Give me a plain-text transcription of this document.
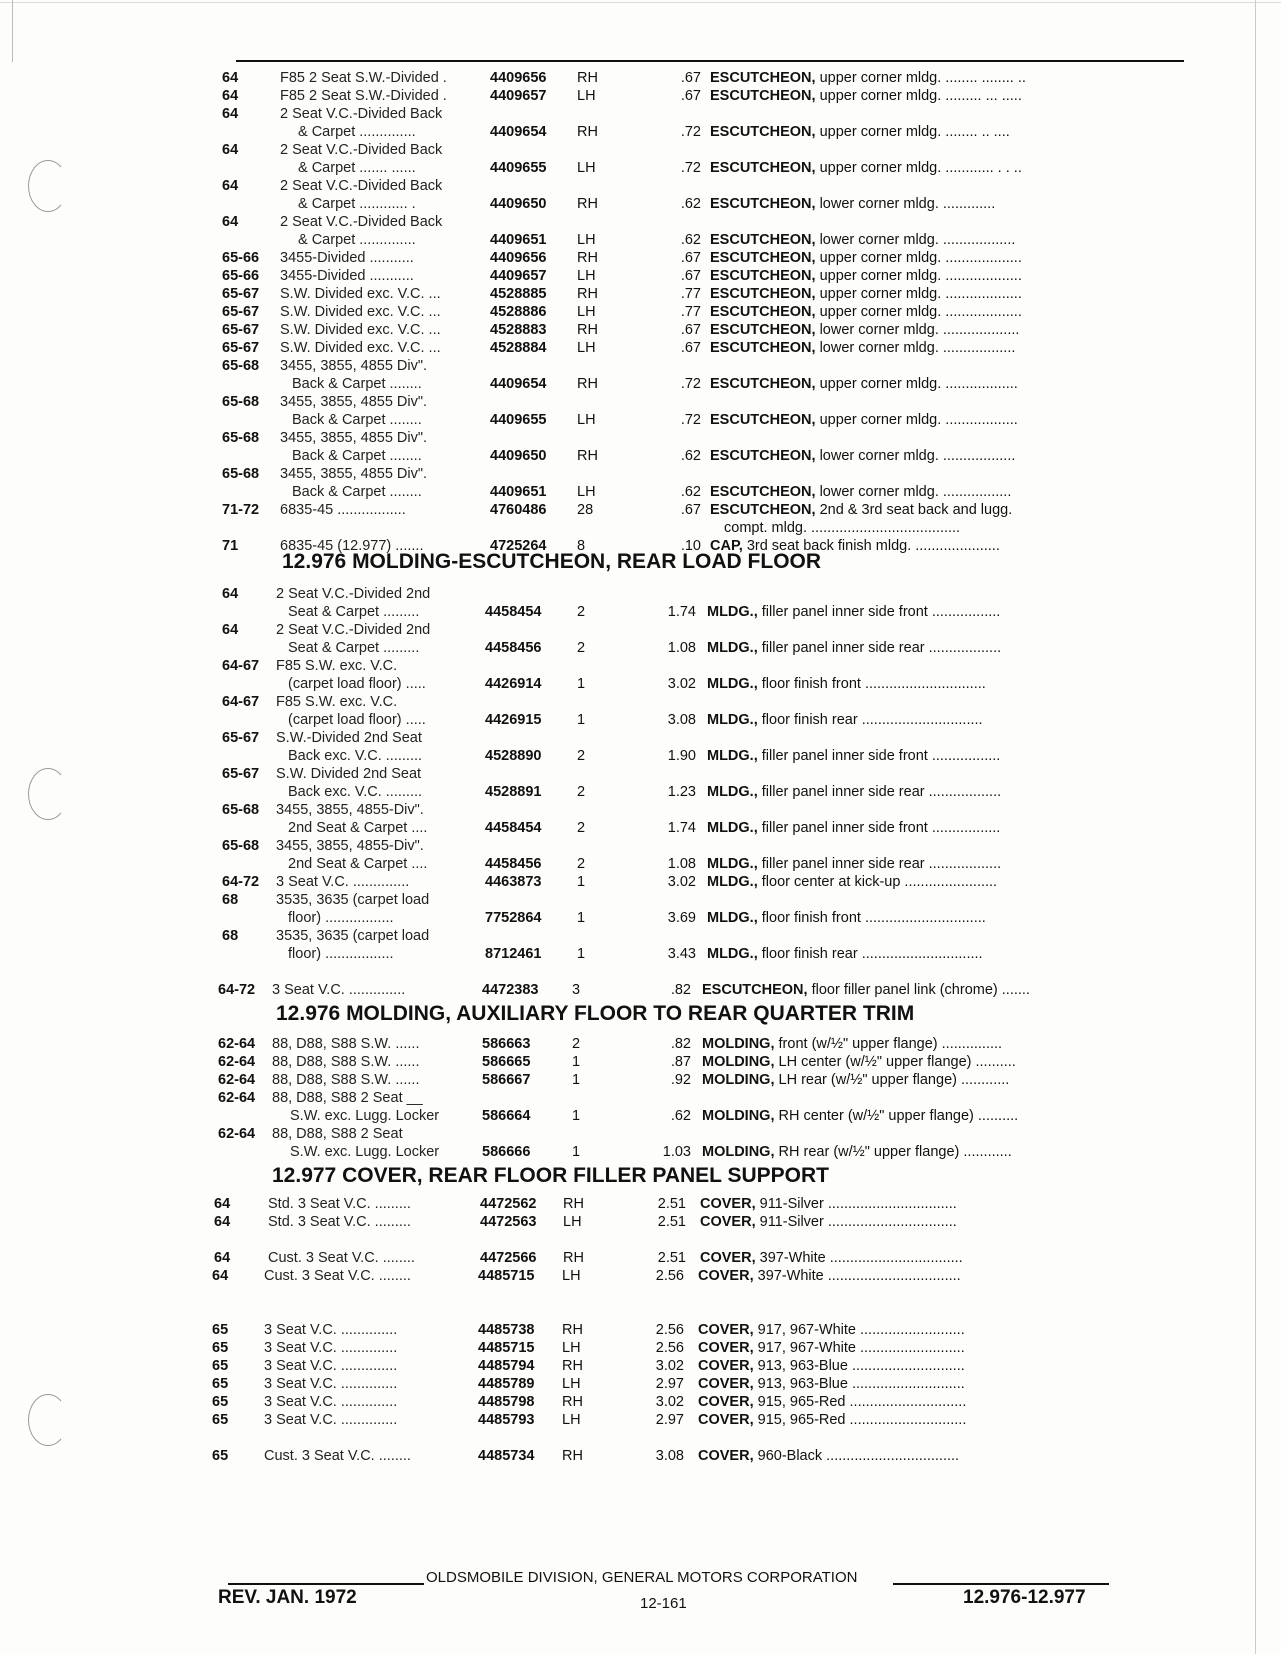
64	F85 2 Seat S.W.-Divided .	4409656	RH	.67 ESCUTCHEON, upper corner mldg. ........ ........ ..
64	F85 2 Seat S.W.-Divided .	4409657	LH	.67 ESCUTCHEON, upper corner mldg. ......... ... .....
64	2 Seat V.C.-Divided Back
& Carpet ..............	4409654	RH	.72 ESCUTCHEON, upper corner mldg. ........ .. ....
64	2 Seat V.C.-Divided Back
& Carpet ....... ......	4409655	LH	.72 ESCUTCHEON, upper corner mldg. ............ . . ..
64	2 Seat V.C.-Divided Back
& Carpet ............ .	4409650	RH	.62 ESCUTCHEON, lower corner mldg. .............
64	2 Seat V.C.-Divided Back
& Carpet ..............	4409651	LH	.62 ESCUTCHEON, lower corner mldg. ..................
65-66	3455-Divided ...........	4409656	RH	.67 ESCUTCHEON, upper corner mldg. ...................
65-66	3455-Divided ...........	4409657	LH	.67 ESCUTCHEON, upper corner mldg. ...................
65-67	S.W. Divided exc. V.C. ...	4528885	RH	.77 ESCUTCHEON, upper corner mldg. ...................
65-67	S.W. Divided exc. V.C. ...	4528886	LH	.77 ESCUTCHEON, upper corner mldg. ...................
65-67	S.W. Divided exc. V.C. ...	4528883	RH	.67 ESCUTCHEON, lower corner mldg. ...................
65-67	S.W. Divided exc. V.C. ...	4528884	LH	.67 ESCUTCHEON, lower corner mldg. ..................
65-68	3455, 3855, 4855 Div".
Back & Carpet ........	4409654	RH	.72 ESCUTCHEON, upper corner mldg. ..................
65-68	3455, 3855, 4855 Div".
Back & Carpet ........	4409655	LH	.72 ESCUTCHEON, upper corner mldg. ..................
65-68	3455, 3855, 4855 Div".
Back & Carpet ........	4409650	RH	.62 ESCUTCHEON, lower corner mldg. ..................
65-68	3455, 3855, 4855 Div".
Back & Carpet ........	4409651	LH	.62 ESCUTCHEON, lower corner mldg. .................
71-72	6835-45 .................	4760486	28	.67 ESCUTCHEON, 2nd & 3rd seat back and lugg.
compt. mldg. .....................................
71	6835-45 (12.977) .......	4725264	8	.10 CAP, 3rd seat back finish mldg. .....................
12.976 MOLDING-ESCUTCHEON, REAR LOAD FLOOR
64	2 Seat V.C.-Divided 2nd
Seat & Carpet .........	4458454	2	1.74 MLDG., filler panel inner side front .................
64	2 Seat V.C.-Divided 2nd
Seat & Carpet .........	4458456	2	1.08 MLDG., filler panel inner side rear ..................
64-67	F85 S.W. exc. V.C.
(carpet load floor) .....	4426914	1	3.02 MLDG., floor finish front ..............................
64-67	F85 S.W. exc. V.C.
(carpet load floor) .....	4426915	1	3.08 MLDG., floor finish rear ..............................
65-67	S.W.-Divided 2nd Seat
Back exc. V.C. .........	4528890	2	1.90 MLDG., filler panel inner side front .................
65-67	S.W. Divided 2nd Seat
Back exc. V.C. .........	4528891	2	1.23 MLDG., filler panel inner side rear ..................
65-68	3455, 3855, 4855-Div".
2nd Seat & Carpet ....	4458454	2	1.74 MLDG., filler panel inner side front .................
65-68	3455, 3855, 4855-Div".
2nd Seat & Carpet ....	4458456	2	1.08 MLDG., filler panel inner side rear ..................
64-72	3 Seat V.C. ..............	4463873	1	3.02 MLDG., floor center at kick-up .......................
68	3535, 3635 (carpet load
floor) .................	7752864	1	3.69 MLDG., floor finish front ..............................
68	3535, 3635 (carpet load
floor) .................	8712461	1	3.43 MLDG., floor finish rear ..............................
64-72	3 Seat V.C. ..............	4472383	3	.82 ESCUTCHEON, floor filler panel link (chrome) .......
12.976 MOLDING, AUXILIARY FLOOR TO REAR QUARTER TRIM
62-64	88, D88, S88 S.W. ......	586663	2	.82 MOLDING, front (w/½" upper flange) ...............
62-64	88, D88, S88 S.W. ......	586665	1	.87 MOLDING, LH center (w/½" upper flange) ..........
62-64	88, D88, S88 S.W. ......	586667	1	.92 MOLDING, LH rear (w/½" upper flange) ............
62-64	88, D88, S88 2 Seat __
S.W. exc. Lugg. Locker	586664	1	.62 MOLDING, RH center (w/½" upper flange) ..........
62-64	88, D88, S88 2 Seat
S.W. exc. Lugg. Locker	586666	1	1.03 MOLDING, RH rear (w/½" upper flange) ............
12.977 COVER, REAR FLOOR FILLER PANEL SUPPORT
64	Std. 3 Seat V.C. .........	4472562	RH	2.51 COVER, 911-Silver ................................
64	Std. 3 Seat V.C. .........	4472563	LH	2.51 COVER, 911-Silver ................................
64	Cust. 3 Seat V.C. ........	4472566	RH	2.51 COVER, 397-White .................................
64	Cust. 3 Seat V.C. ........	4485715	LH	2.56 COVER, 397-White .................................
65	3 Seat V.C. ..............	4485738	RH	2.56 COVER, 917, 967-White ..........................
65	3 Seat V.C. ..............	4485715	LH	2.56 COVER, 917, 967-White ..........................
65	3 Seat V.C. ..............	4485794	RH	3.02 COVER, 913, 963-Blue ............................
65	3 Seat V.C. ..............	4485789	LH	2.97 COVER, 913, 963-Blue ............................
65	3 Seat V.C. ..............	4485798	RH	3.02 COVER, 915, 965-Red .............................
65	3 Seat V.C. ..............	4485793	LH	2.97 COVER, 915, 965-Red .............................
65	Cust. 3 Seat V.C. ........	4485734	RH	3.08 COVER, 960-Black .................................
OLDSMOBILE DIVISION, GENERAL MOTORS CORPORATION
REV. JAN. 1972	12-161	12.976-12.977
